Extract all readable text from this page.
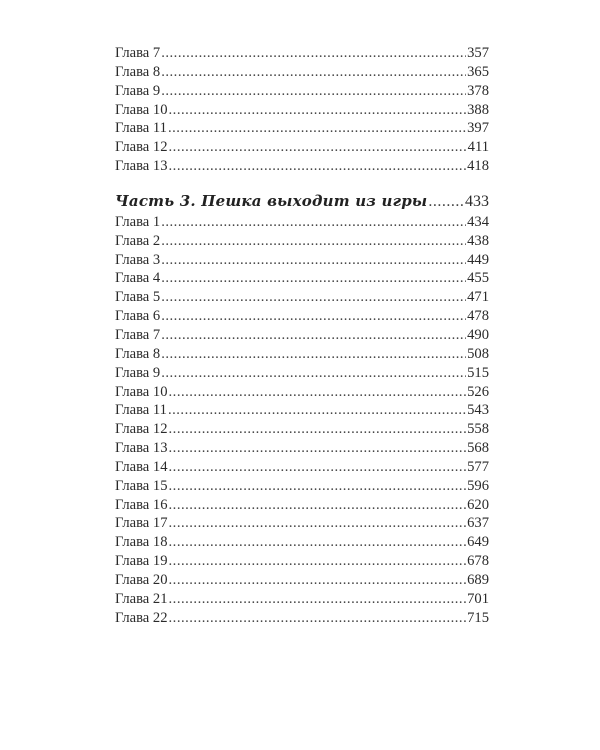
Глава 7 .....	357
Глава 8 .....	365
Глава 9 .....	378
Глава 10 .....	388
Глава 11 .....	397
Глава 12 .....	411
Глава 13 .....	418
Часть 3. Пешка выходит из игры ..... 433
Глава 1 .....	434
Глава 2 .....	438
Глава 3 .....	449
Глава 4 .....	455
Глава 5 .....	471
Глава 6 .....	478
Глава 7 .....	490
Глава 8 .....	508
Глава 9 .....	515
Глава 10 .....	526
Глава 11 .....	543
Глава 12 .....	558
Глава 13 .....	568
Глава 14 .....	577
Глава 15 .....	596
Глава 16 .....	620
Глава 17 .....	637
Глава 18 .....	649
Глава 19 .....	678
Глава 20 .....	689
Глава 21 .....	701
Глава 22 .....	715
